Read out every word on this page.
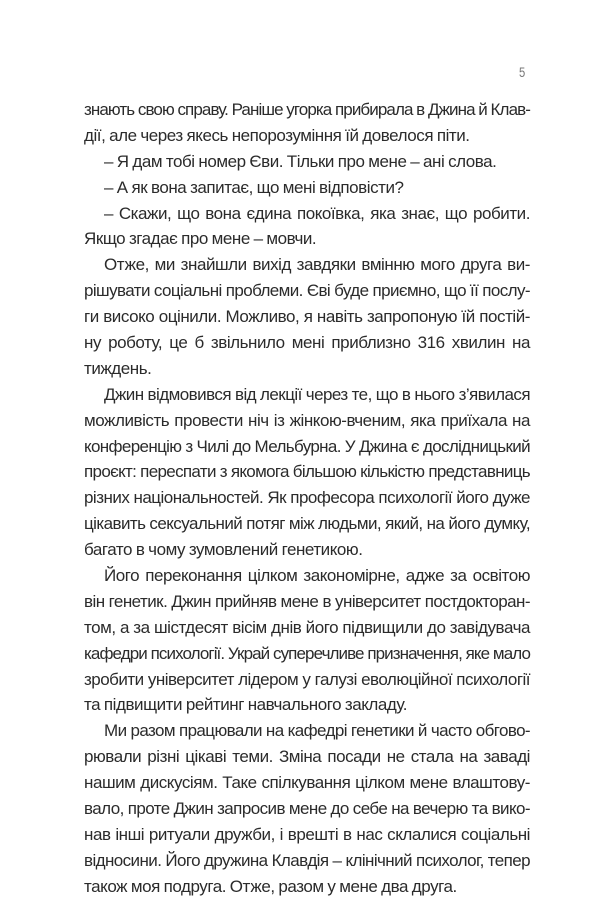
5
знають свою справу. Раніше угорка прибирала в Джина й Клав-
дії, але через якесь непорозуміння їй довелося піти.
– Я дам тобі номер Єви. Тільки про мене – ані слова.
– А як вона запитає, що мені відповісти?
– Скажи, що вона єдина покоївка, яка знає, що робити.
Якщо згадає про мене – мовчи.
Отже, ми знайшли вихід завдяки вмінню мого друга ви-
рішувати соціальні проблеми. Єві буде приємно, що її послу-
ги високо оцінили. Можливо, я навіть запропоную їй постій-
ну роботу, це б звільнило мені приблизно 316 хвилин на
тиждень.
Джин відмовився від лекції через те, що в нього з’явилася
можливість провести ніч із жінкою-вченим, яка приїхала на
конференцію з Чилі до Мельбурна. У Джина є дослідницький
проєкт: переспати з якомога більшою кількістю представниць
різних національностей. Як професора психології його дуже
цікавить сексуальний потяг між людьми, який, на його думку,
багато в чому зумовлений генетикою.
Його переконання цілком закономірне, адже за освітою
він генетик. Джин прийняв мене в університет постдокторан-
том, а за шістдесят вісім днів його підвищили до завідувача
кафедри психології. Украй суперечливе призначення, яке мало
зробити університет лідером у галузі еволюційної психології
та підвищити рейтинг навчального закладу.
Ми разом працювали на кафедрі генетики й часто обгово-
рювали різні цікаві теми. Зміна посади не стала на заваді
нашим дискусіям. Таке спілкування цілком мене влаштову-
вало, проте Джин запросив мене до себе на вечерю та вико-
нав інші ритуали дружби, і врешті в нас склалися соціальні
відносини. Його дружина Клавдія – клінічний психолог, тепер
також моя подруга. Отже, разом у мене два друга.
